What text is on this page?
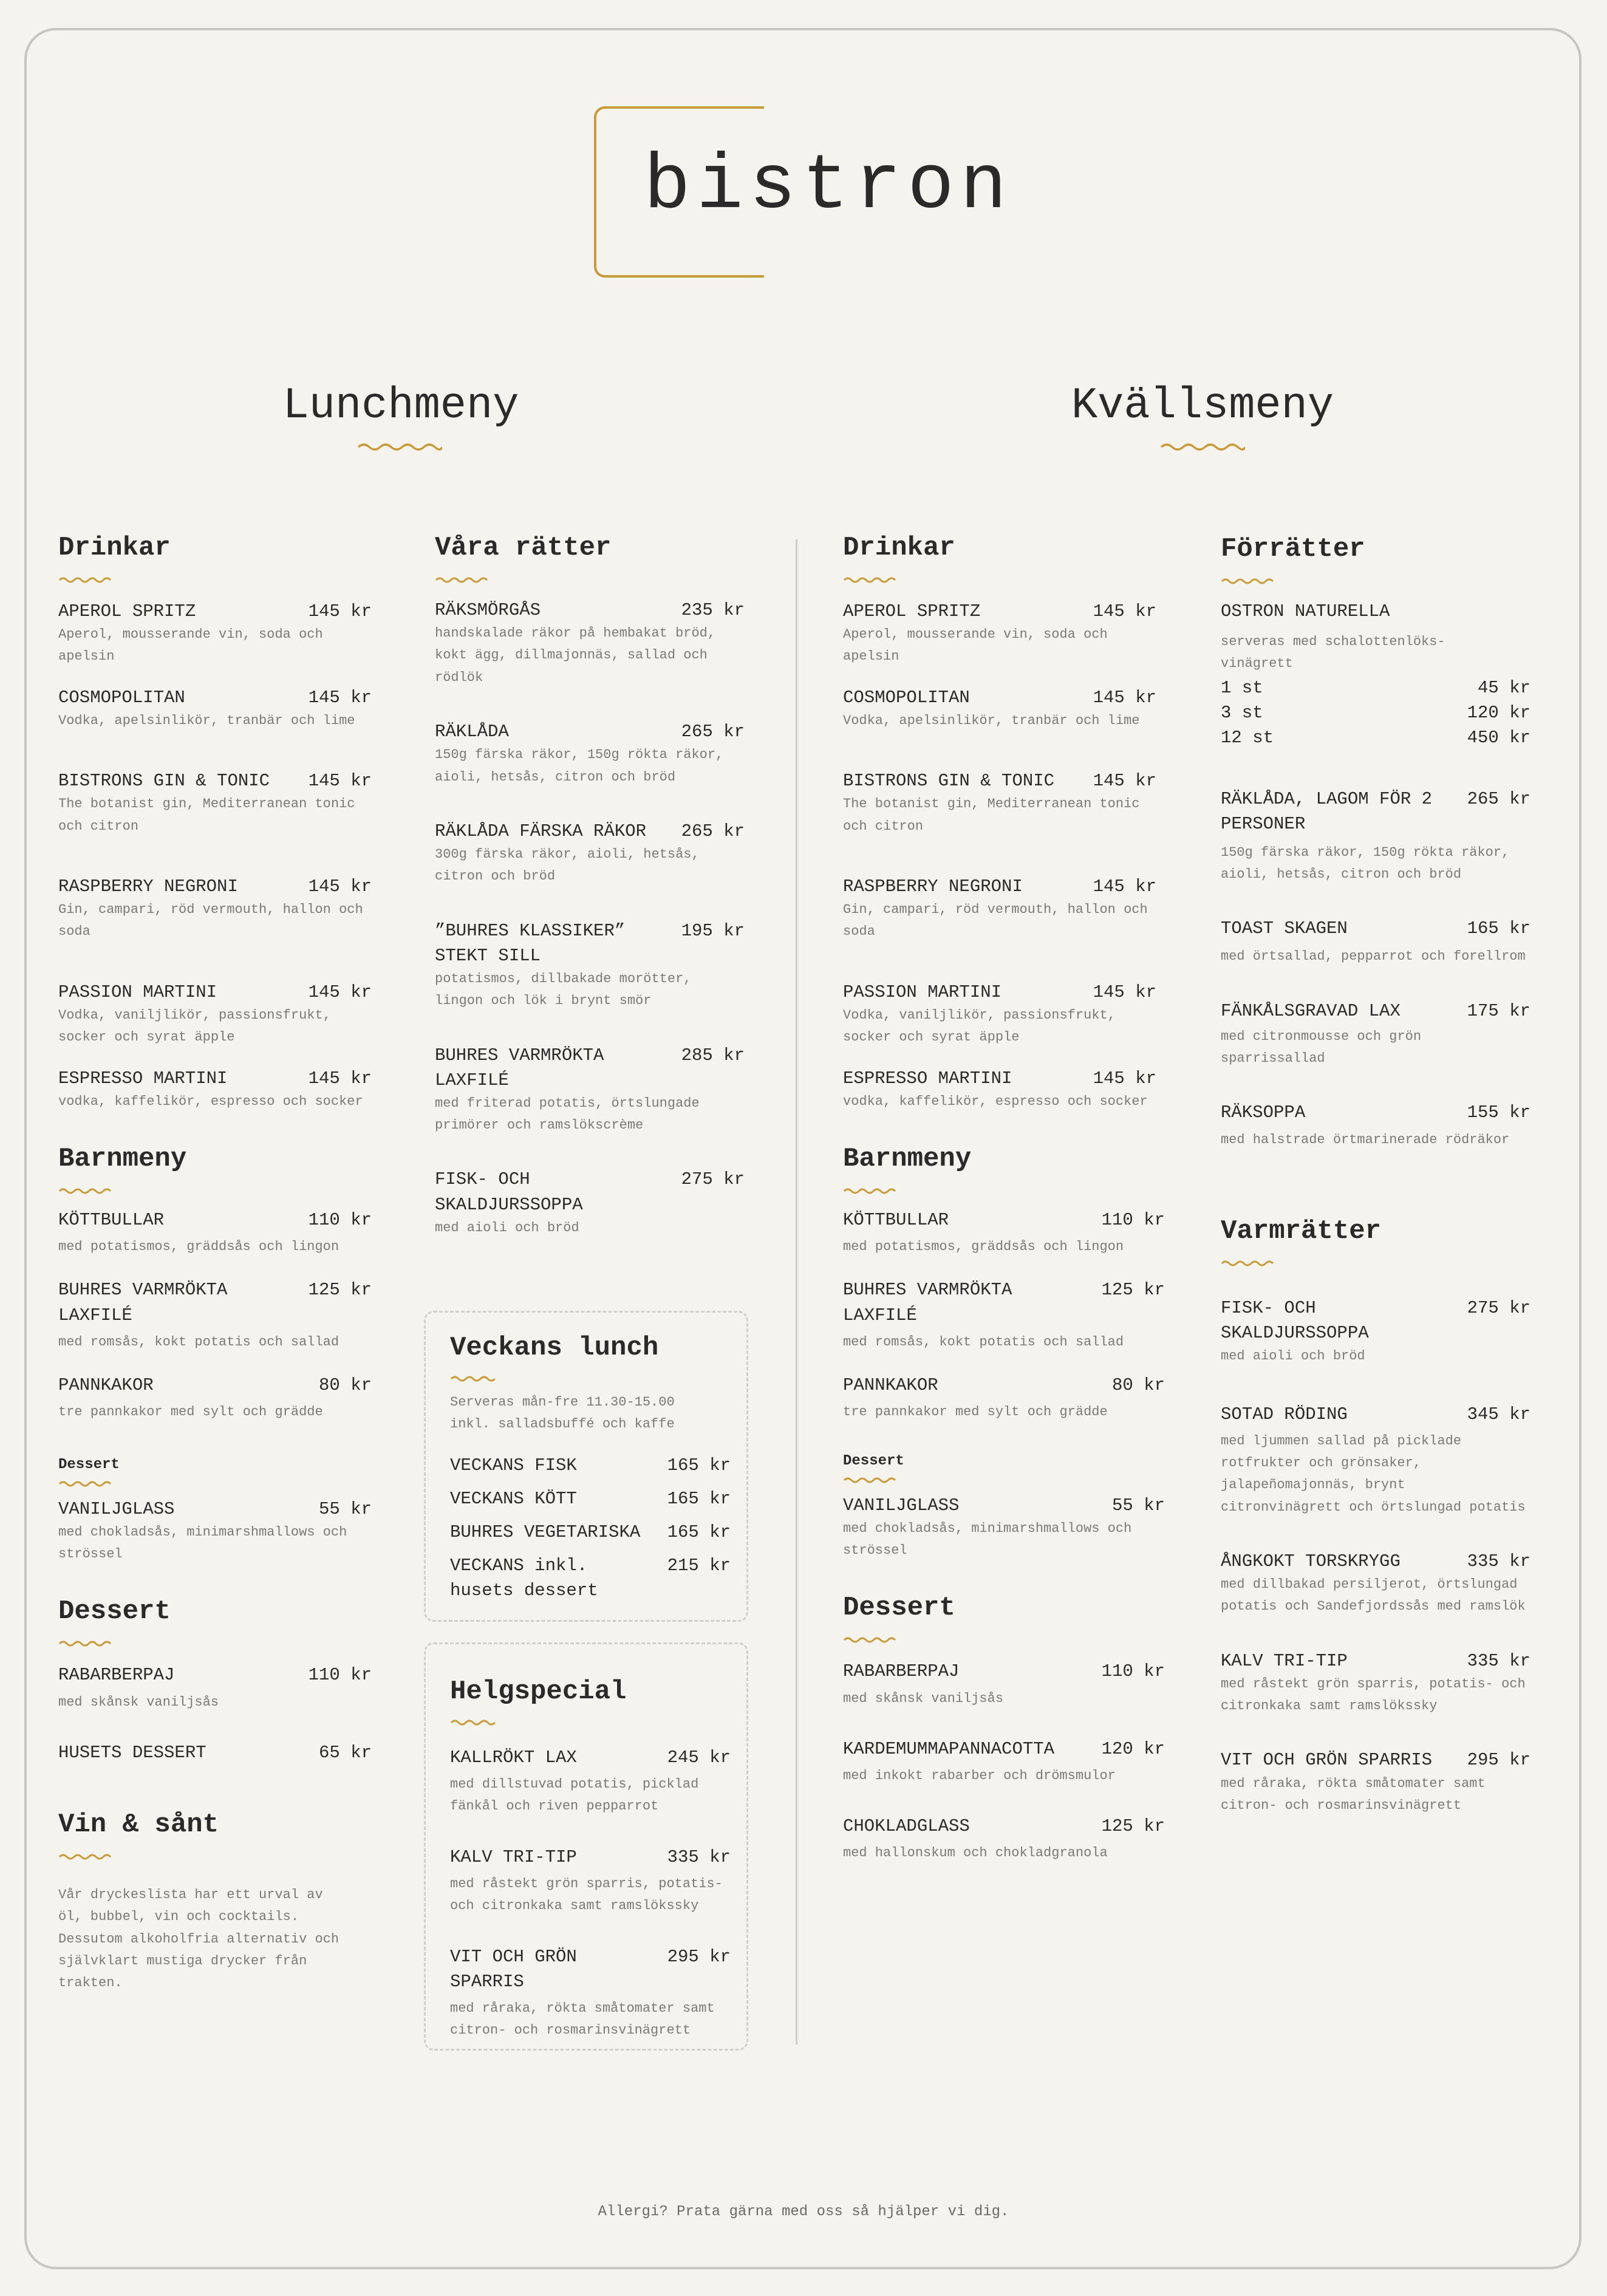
bistron
Lunchmeny	Kvällsmeny
Drinkar
APEROL SPRITZ	145 kr
Aperol, mousserande vin, soda och apelsin
COSMOPOLITAN	145 kr
Vodka, apelsinlikör, tranbär och lime
BISTRONS GIN & TONIC	145 kr
The botanist gin, Mediterranean tonic och citron
RASPBERRY NEGRONI	145 kr
Gin, campari, röd vermouth, hallon och soda
PASSION MARTINI	145 kr
Vodka, vaniljlikör, passionsfrukt, socker och syrat äpple
ESPRESSO MARTINI	145 kr
vodka, kaffelikör, espresso och socker
Barnmeny
KÖTTBULLAR	110 kr
med potatismos, gräddsås och lingon
BUHRES VARMRÖKTA LAXFILÉ
125 kr
med romsås, kokt potatis och sallad
PANNKAKOR	80 kr
tre pannkakor med sylt och grädde
Dessert
VANILJGLASS	55 kr
med chokladsås, minimarshmallows och strössel
Dessert
RABARBERPAJ	110 kr
med skånsk vaniljsås
HUSETS DESSERT	65 kr
Vin & sånt
Vår dryckeslista har ett urval av öl, bubbel, vin och cocktails. Dessutom alkoholfria alternativ och självklart mustiga drycker från trakten.
Våra rätter
RÄKSMÖRGÅS	235 kr
handskalade räkor på hembakat bröd, kokt ägg, dillmajonnäs, sallad och rödlök
RÄKLÅDA	265 kr
150g färska räkor, 150g rökta räkor, aioli, hetsås, citron och bröd
RÄKLÅDA FÄRSKA RÄKOR	265 kr
300g färska räkor, aioli, hetsås, citron och bröd
”BUHRES KLASSIKER” STEKT SILL
195 kr
potatismos, dillbakade morötter, lingon och lök i brynt smör
BUHRES VARMRÖKTA LAXFILÉ
285 kr
med friterad potatis, örtslungade primörer och ramslökscrème
FISK- OCH SKALDJURSSOPPA
275 kr
med aioli och bröd
Veckans lunch
Serveras mån-fre 11.30-15.00 inkl. salladsbuffé och kaffe
VECKANS FISK	165 kr
VECKANS KÖTT	165 kr
BUHRES VEGETARISKA	165 kr
VECKANS inkl. husets dessert
215 kr
Helgspecial
KALLRÖKT LAX	245 kr
med dillstuvad potatis, picklad fänkål och riven pepparrot
KALV TRI-TIP	335 kr
med råstekt grön sparris, potatis- och citronkaka samt ramslökssky
VIT OCH GRÖN SPARRIS
295 kr
med råraka, rökta småtomater samt citron- och rosmarinsvinägrett
Drinkar
APEROL SPRITZ	145 kr
Aperol, mousserande vin, soda och apelsin
COSMOPOLITAN	145 kr
Vodka, apelsinlikör, tranbär och lime
BISTRONS GIN & TONIC	145 kr
The botanist gin, Mediterranean tonic och citron
RASPBERRY NEGRONI	145 kr
Gin, campari, röd vermouth, hallon och soda
PASSION MARTINI	145 kr
Vodka, vaniljlikör, passionsfrukt, socker och syrat äpple
ESPRESSO MARTINI	145 kr
vodka, kaffelikör, espresso och socker
Barnmeny
KÖTTBULLAR	110 kr
med potatismos, gräddsås och lingon
BUHRES VARMRÖKTA LAXFILÉ
125 kr
med romsås, kokt potatis och sallad
PANNKAKOR	80 kr
tre pannkakor med sylt och grädde
Dessert
VANILJGLASS	55 kr
med chokladsås, minimarshmallows och strössel
Dessert
RABARBERPAJ	110 kr
med skånsk vaniljsås
KARDEMUMMAPANNACOTTA	120 kr
med inkokt rabarber och drömsmulor
CHOKLADGLASS	125 kr
med hallonskum och chokladgranola
Förrätter
OSTRON NATURELLA
serveras med schalottenlöks-vinägrett
1 st	45 kr
3 st	120 kr
12 st	450 kr
RÄKLÅDA, LAGOM FÖR 2 PERSONER
265 kr
150g färska räkor, 150g rökta räkor, aioli, hetsås, citron och bröd
TOAST SKAGEN	165 kr
med örtsallad, pepparrot och forellrom
FÄNKÅLSGRAVAD LAX	175 kr
med citronmousse och grön sparrissallad
RÄKSOPPA	155 kr
med halstrade örtmarinerade rödräkor
Varmrätter
FISK- OCH SKALDJURSSOPPA
275 kr
med aioli och bröd
SOTAD RÖDING	345 kr
med ljummen sallad på picklade rotfrukter och grönsaker, jalapeñomajonnäs, brynt citronvinägrett och örtslungad potatis
ÅNGKOKT TORSKRYGG	335 kr
med dillbakad persiljerot, örtslungad potatis och Sandefjordssås med ramslök
KALV TRI-TIP	335 kr
med råstekt grön sparris, potatis- och citronkaka samt ramslökssky
VIT OCH GRÖN SPARRIS	295 kr
med råraka, rökta småtomater samt citron- och rosmarinsvinägrett
Allergi? Prata gärna med oss så hjälper vi dig.
